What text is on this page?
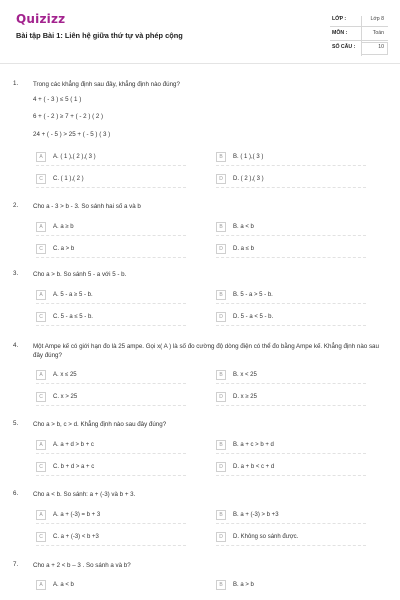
Quizizz
Bài tập Bài 1: Liên hệ giữa thứ tự và phép cộng
LỚP :	Lớp 8
MÔN :	Toán
SỐ CÂU :	10
1. Trong các khẳng định sau đây, khẳng định nào đúng?
4 + ( - 3 ) ≤ 5 ( 1 )
6 + ( - 2 ) ≥ 7 + ( - 2 ) ( 2 )
24 + ( - 5 ) > 25 + ( - 5 ) ( 3 )
A	A. ( 1 ),( 2 ),( 3 )	B	B. ( 1 ),( 3 )
C	C. ( 1 ),( 2 )	D	D. ( 2 ),( 3 )
2. Cho a - 3 > b - 3. So sánh hai số a và b
A	A. a ≥ b	B	B. a < b
C	C. a > b	D	D. a ≤ b
3. Cho a > b. So sánh 5 - a với 5 - b.
A	A. 5 - a ≥ 5 - b.	B	B. 5 - a > 5 - b.
C	C. 5 - a ≤ 5 - b.	D	D. 5 - a < 5 - b.
4. Một Ampe kế có giới hạn đo là 25 ampe. Gọi x( A ) là số đo cường độ dòng điện có thể đo bằng Ampe kế. Khẳng định nào sau đây đúng?
A	A. x ≤ 25	B	B. x < 25
C	C. x > 25	D	D. x ≥ 25
5. Cho a > b, c > d. Khẳng định nào sau đây đúng?
A	A. a + d > b + c	B	B. a + c > b + d
C	C. b + d > a + c	D	D. a + b < c + d
6. Cho a < b. So sánh: a + (-3) và b + 3.
A	A. a + (-3) = b + 3	B	B. a + (-3) > b +3
C	C. a + (-3) < b +3	D	D. Không so sánh được.
7. Cho a + 2 < b – 3 . So sánh a và b?
A	A. a < b	B	B. a > b
